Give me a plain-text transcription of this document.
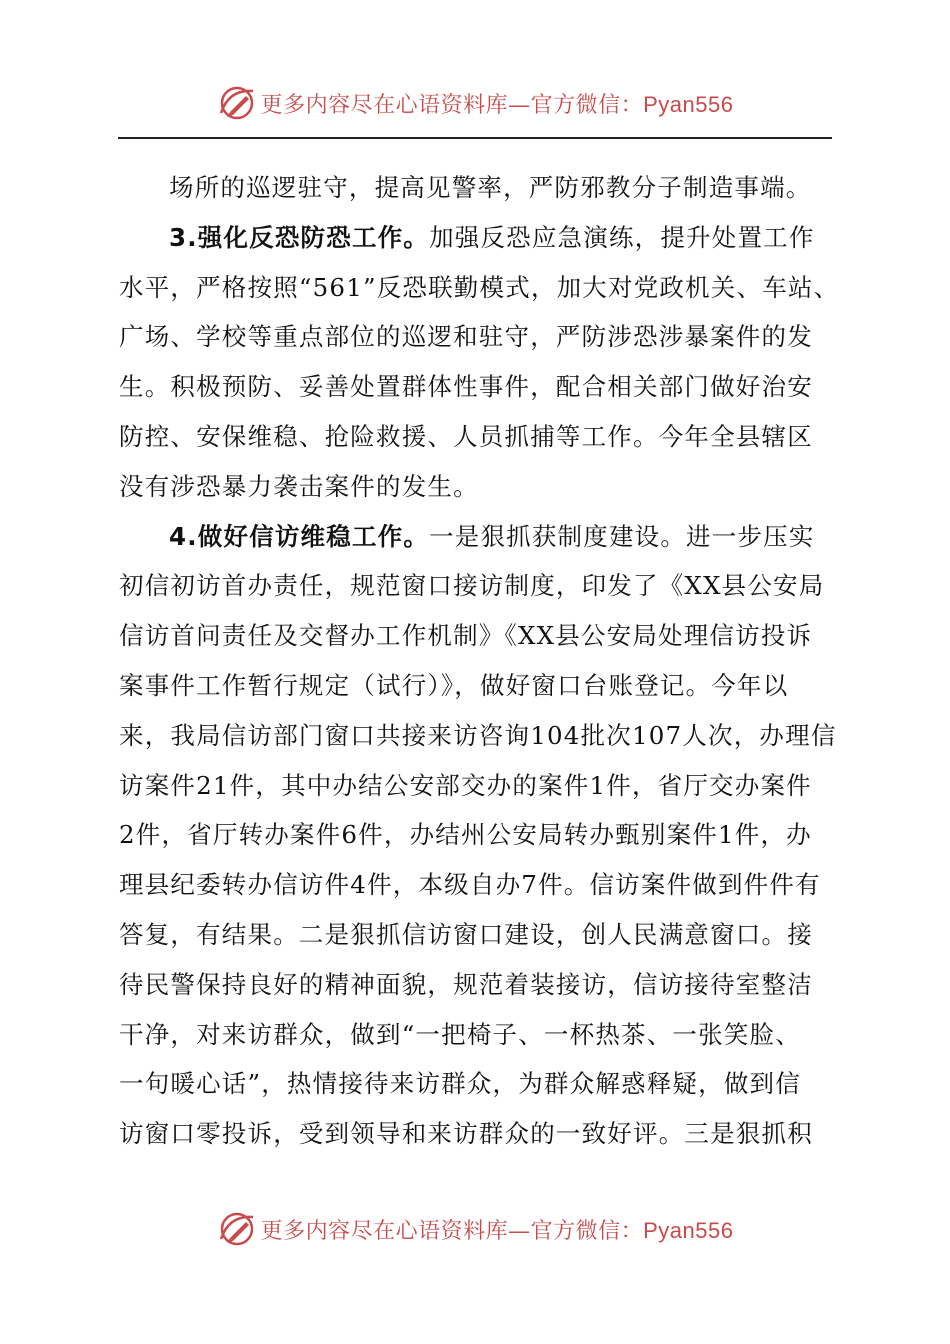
更多内容尽在心语资料库—官方微信：Pyan556

场所的巡逻驻守，提高见警率，严防邪教分子制造事端。

3.强化反恐防恐工作。加强反恐应急演练，提升处置工作

水平，严格按照“561”反恐联勤模式，加大对党政机关、车站、

广场、学校等重点部位的巡逻和驻守，严防涉恐涉暴案件的发

生。积极预防、妥善处置群体性事件，配合相关部门做好治安

防控、安保维稳、抢险救援、人员抓捕等工作。今年全县辖区

没有涉恐暴力袭击案件的发生。

4.做好信访维稳工作。一是狠抓获制度建设。进一步压实

初信初访首办责任，规范窗口接访制度，印发了《XX县公安局

信访首问责任及交督办工作机制》《XX县公安局处理信访投诉

案事件工作暂行规定（试行）》，做好窗口台账登记。今年以

来，我局信访部门窗口共接来访咨询104批次107人次，办理信

访案件21件，其中办结公安部交办的案件1件，省厅交办案件

2件，省厅转办案件6件，办结州公安局转办甄别案件1件，办

理县纪委转办信访件4件，本级自办7件。信访案件做到件件有

答复，有结果。二是狠抓信访窗口建设，创人民满意窗口。接

待民警保持良好的精神面貌，规范着装接访，信访接待室整洁

干净，对来访群众，做到“一把椅子、一杯热茶、一张笑脸、

一句暖心话”，热情接待来访群众，为群众解惑释疑，做到信

访窗口零投诉，受到领导和来访群众的一致好评。三是狠抓积

更多内容尽在心语资料库—官方微信：Pyan556
